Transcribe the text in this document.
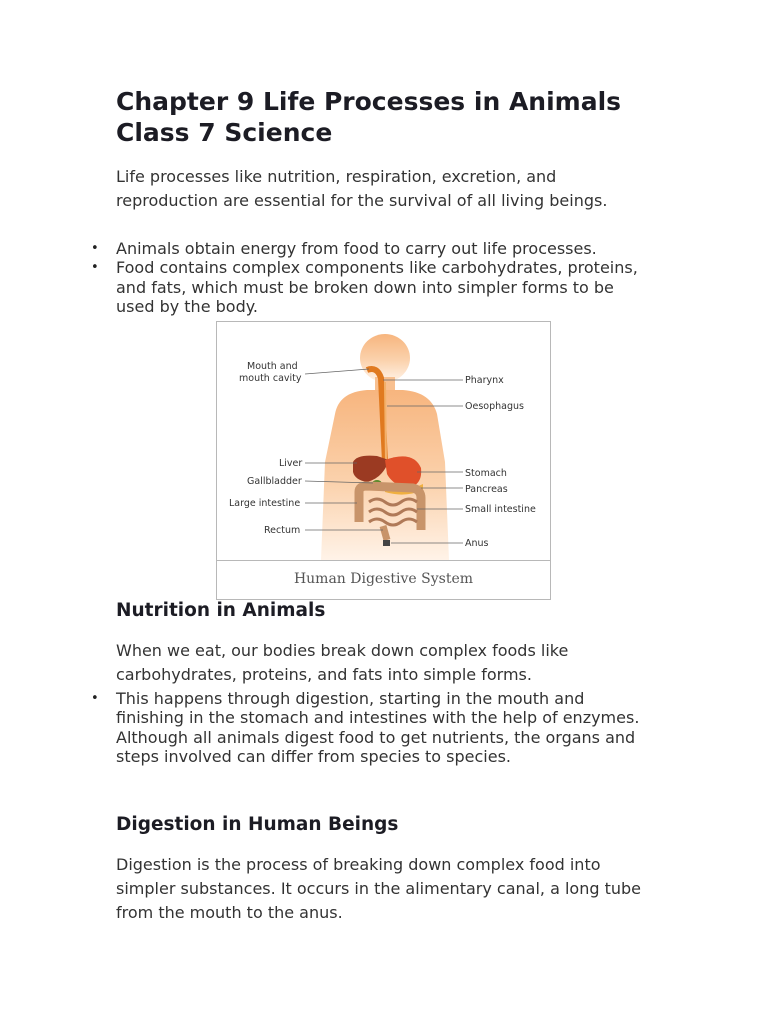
Chapter 9 Life Processes in Animals Class 7 Science

Life processes like nutrition, respiration, excretion, and reproduction are essential for the survival of all living beings.

• Animals obtain energy from food to carry out life processes.
• Food contains complex components like carbohydrates, proteins, and fats, which must be broken down into simpler forms to be used by the body.
Mouth and
mouth cavity
Liver
Gallbladder
Large intestine
Rectum
Pharynx
Oesophagus
Stomach
Pancreas
Small intestine
Anus
Human Digestive System
Nutrition in Animals

When we eat, our bodies break down complex foods like carbohydrates, proteins, and fats into simple forms.

• This happens through digestion, starting in the mouth and finishing in the stomach and intestines with the help of enzymes. Although all animals digest food to get nutrients, the organs and steps involved can differ from species to species.
Digestion in Human Beings

Digestion is the process of breaking down complex food into simpler substances. It occurs in the alimentary canal, a long tube from the mouth to the anus.
